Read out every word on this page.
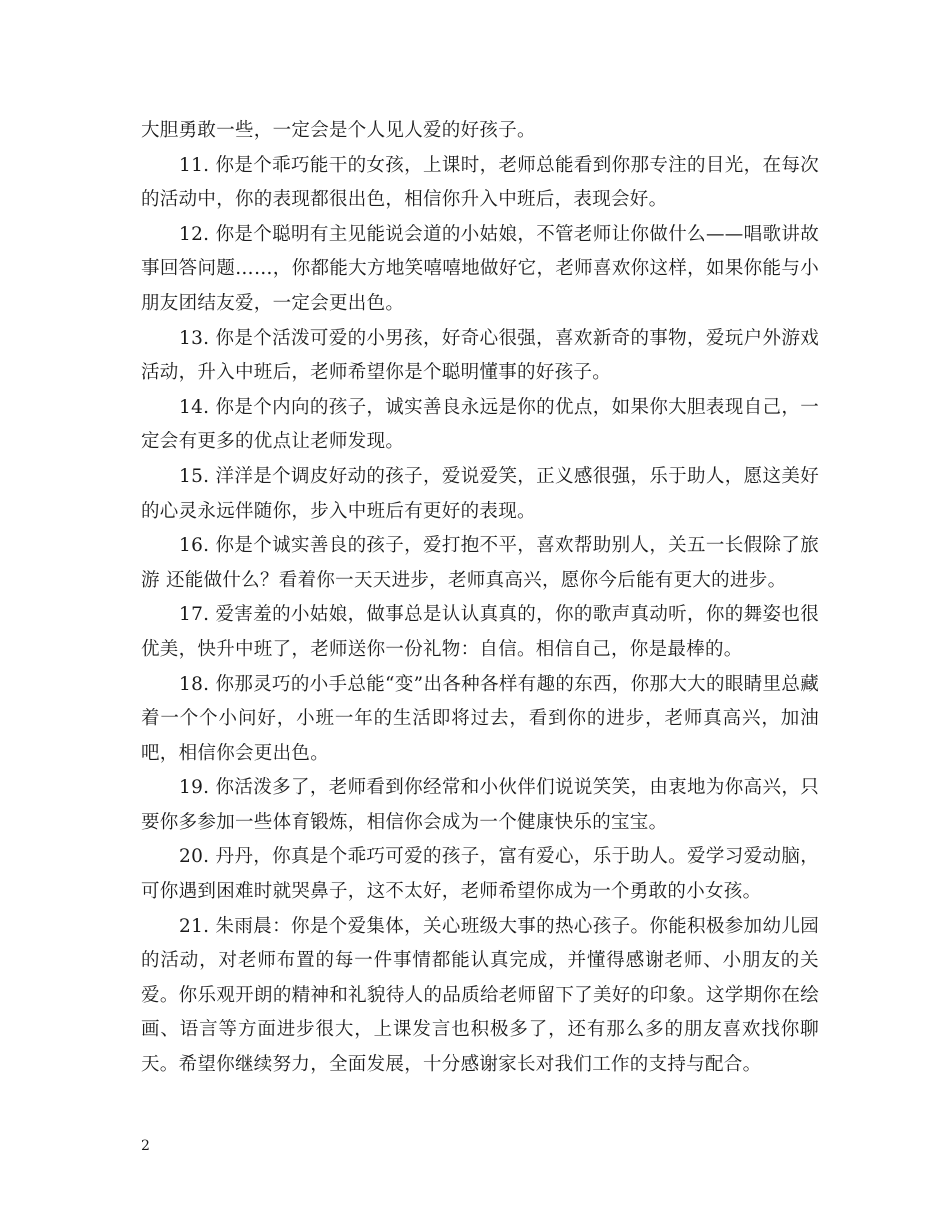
大胆勇敢一些，一定会是个人见人爱的好孩子。

11. 你是个乖巧能干的女孩，上课时，老师总能看到你那专注的目光，在每次的活动中，你的表现都很出色，相信你升入中班后，表现会好。

12. 你是个聪明有主见能说会道的小姑娘，不管老师让你做什么——唱歌讲故事回答问题……，你都能大方地笑嘻嘻地做好它，老师喜欢你这样，如果你能与小朋友团结友爱，一定会更出色。

13. 你是个活泼可爱的小男孩，好奇心很强，喜欢新奇的事物，爱玩户外游戏活动，升入中班后，老师希望你是个聪明懂事的好孩子。

14. 你是个内向的孩子，诚实善良永远是你的优点，如果你大胆表现自己，一定会有更多的优点让老师发现。

15. 洋洋是个调皮好动的孩子，爱说爱笑，正义感很强，乐于助人，愿这美好的心灵永远伴随你，步入中班后有更好的表现。

16. 你是个诚实善良的孩子，爱打抱不平，喜欢帮助别人，关五一长假除了旅游 还能做什么？看着你一天天进步，老师真高兴，愿你今后能有更大的进步。

17. 爱害羞的小姑娘，做事总是认认真真的，你的歌声真动听，你的舞姿也很优美，快升中班了，老师送你一份礼物：自信。相信自己，你是最棒的。

18. 你那灵巧的小手总能“变”出各种各样有趣的东西，你那大大的眼睛里总藏着一个个小问好，小班一年的生活即将过去，看到你的进步，老师真高兴，加油吧，相信你会更出色。

19. 你活泼多了，老师看到你经常和小伙伴们说说笑笑，由衷地为你高兴，只要你多参加一些体育锻炼，相信你会成为一个健康快乐的宝宝。

20. 丹丹，你真是个乖巧可爱的孩子，富有爱心，乐于助人。爱学习爱动脑，可你遇到困难时就哭鼻子，这不太好，老师希望你成为一个勇敢的小女孩。

21. 朱雨晨：你是个爱集体，关心班级大事的热心孩子。你能积极参加幼儿园的活动，对老师布置的每一件事情都能认真完成，并懂得感谢老师、小朋友的关爱。你乐观开朗的精神和礼貌待人的品质给老师留下了美好的印象。这学期你在绘画、语言等方面进步很大，上课发言也积极多了，还有那么多的朋友喜欢找你聊天。希望你继续努力，全面发展，十分感谢家长对我们工作的支持与配合。

2
